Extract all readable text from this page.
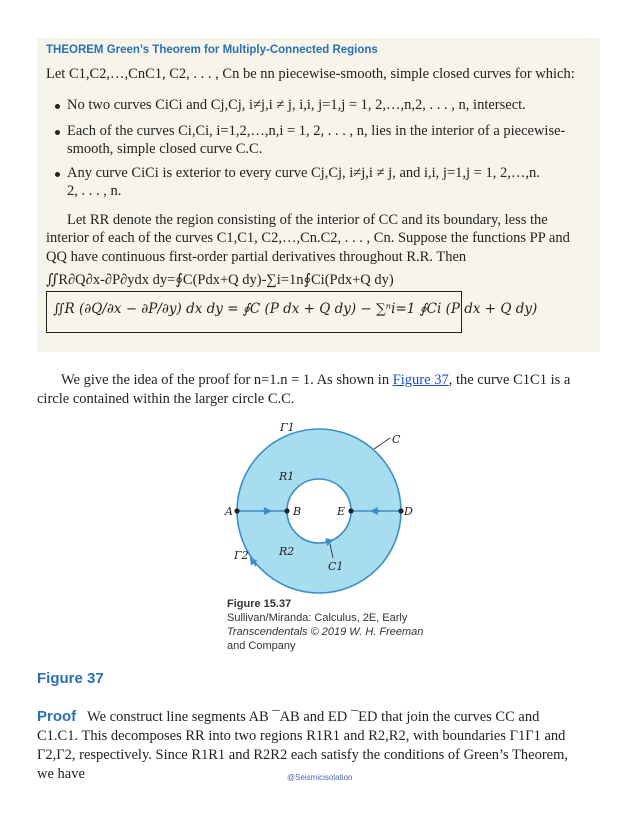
THEOREM Green’s Theorem for Multiply-Connected Regions
Let C1,C2,…,CnC1, C2, . . . , Cn be nn piecewise-smooth, simple closed curves for which:
No two curves CiCi and Cj,Cj, i≠j,i ≠ j, i,i, j=1,j = 1, 2,…,n,2, . . . , n, intersect.
Each of the curves Ci,Ci, i=1,2,…,n,i = 1, 2, . . . , n, lies in the interior of a piecewise-
smooth, simple closed curve C.C.
Any curve CiCi is exterior to every curve Cj,Cj, i≠j,i ≠ j, and i,i, j=1,j = 1, 2,…,n.
2, . . . , n.
Let RR denote the region consisting of the interior of CC and its boundary, less the
interior of each of the curves C1,C1, C2,…,Cn.C2, . . . , Cn. Suppose the functions PP and
QQ have continuous first-order partial derivatives throughout R.R. Then
∬R∂Q∂x-∂P∂ydx dy=∮C(Pdx+Q dy)-∑i=1n∮Ci(Pdx+Q dy)
∬R (∂Q/∂x − ∂P/∂y) dx dy = ∮C (P dx + Q dy) − ∑ⁿi=1 ∮Ci (P dx + Q dy)
We give the idea of the proof for n=1.n = 1. As shown in Figure 37, the curve C1C1 is a
circle contained within the larger circle C.C.
Γ1
C
R1
A	B	E	D
Γ2	R2
C1
Figure 15.37
Sullivan/Miranda: Calculus, 2E, Early
Transcendentals © 2019 W. H. Freeman
and Company
Figure 37
Proof We construct line segments AB ¯AB and ED ¯ED that join the curves CC and
C1.C1. This decomposes RR into two regions R1R1 and R2,R2, with boundaries Γ1Γ1 and
Γ2,Γ2, respectively. Since R1R1 and R2R2 each satisfy the conditions of Green’s Theorem,
we have	@Seismicisolation
